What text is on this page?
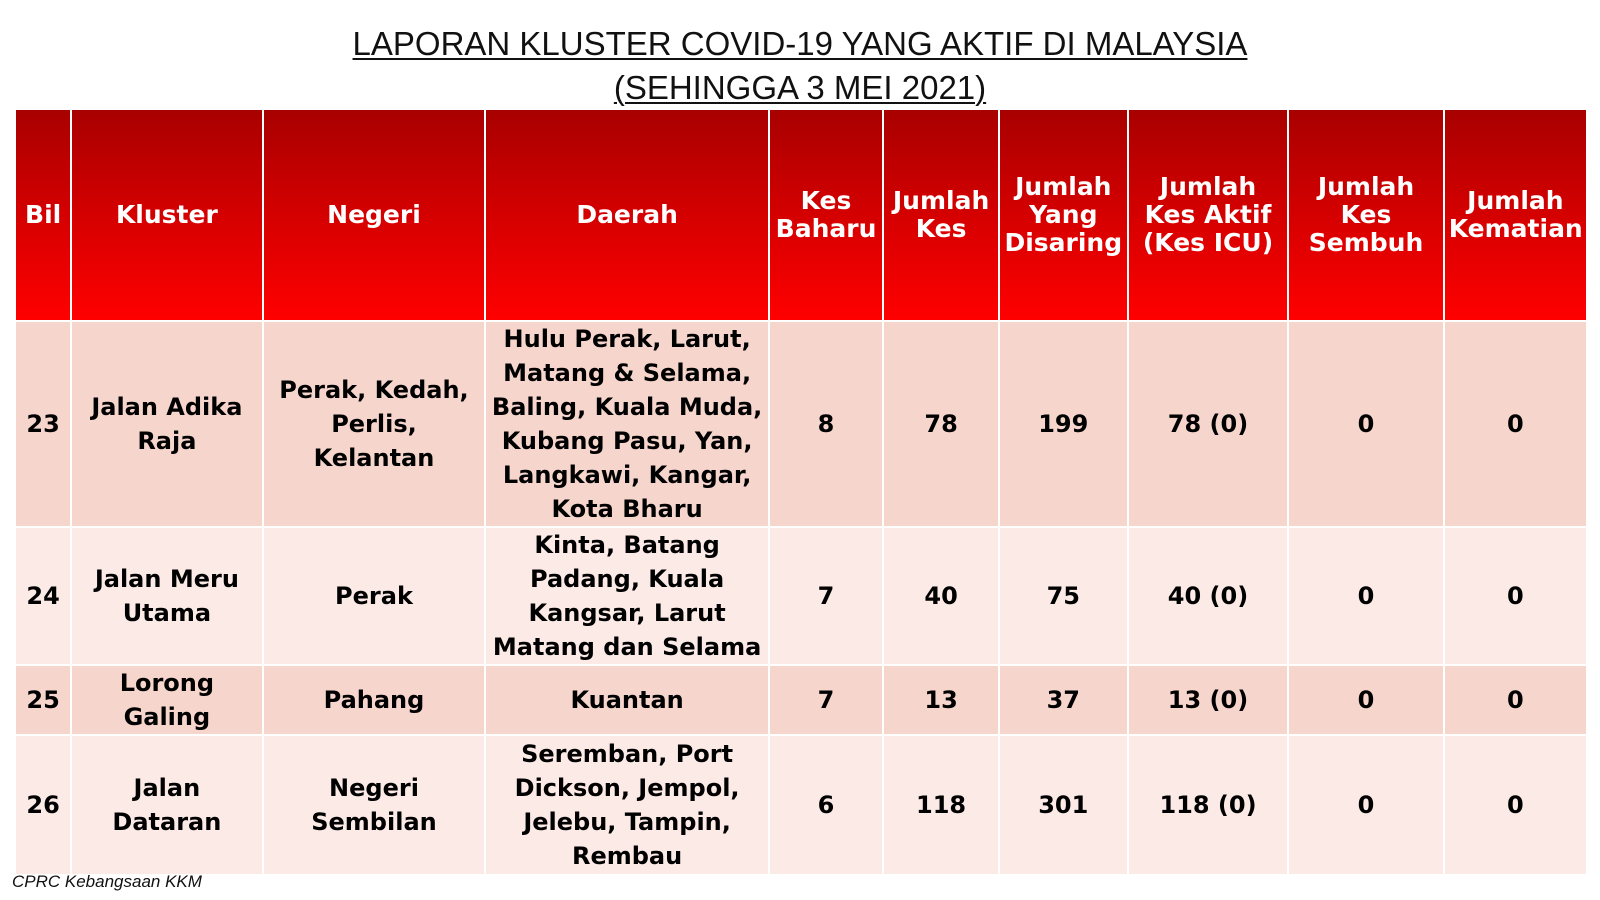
LAPORAN KLUSTER COVID-19 YANG AKTIF DI MALAYSIA
(SEHINGGA 3 MEI 2021)
Bil	Kluster	Negeri	Daerah	Kes Baharu	Jumlah Kes	Jumlah Yang Disaring	Jumlah Kes Aktif (Kes ICU)	Jumlah Kes Sembuh	Jumlah Kematian
23	Jalan Adika Raja	Perak, Kedah, Perlis, Kelantan	Hulu Perak, Larut, Matang & Selama, Baling, Kuala Muda, Kubang Pasu, Yan, Langkawi, Kangar, Kota Bharu	8	78	199	78 (0)	0	0
24	Jalan Meru Utama	Perak	Kinta, Batang Padang, Kuala Kangsar, Larut Matang dan Selama	7	40	75	40 (0)	0	0
25	Lorong Galing	Pahang	Kuantan	7	13	37	13 (0)	0	0
26	Jalan Dataran	Negeri Sembilan	Seremban, Port Dickson, Jempol, Jelebu, Tampin, Rembau	6	118	301	118 (0)	0	0
CPRC Kebangsaan KKM
